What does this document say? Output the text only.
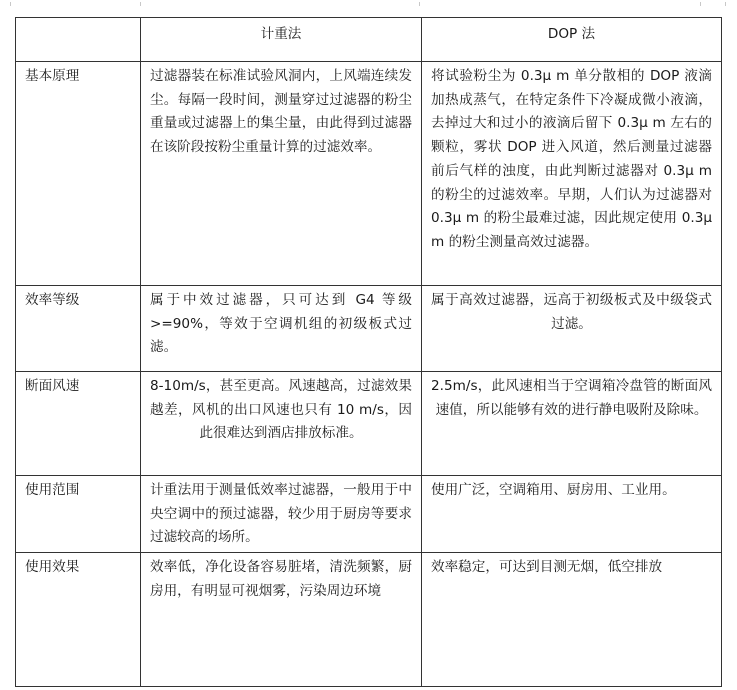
	计重法	DOP 法
基本原理	过滤器装在标准试验风洞内，上风端连续发尘。每隔一段时间，测量穿过过滤器的粉尘重量或过滤器上的集尘量，由此得到过滤器在该阶段按粉尘重量计算的过滤效率。	将试验粉尘为 0.3μ m 单分散相的 DOP 液滴加热成蒸气，在特定条件下冷凝成微小液滴，去掉过大和过小的液滴后留下 0.3μ m 左右的颗粒，雾状 DOP 进入风道，然后测量过滤器前后气样的浊度，由此判断过滤器对 0.3μ m 的粉尘的过滤效率。早期，人们认为过滤器对 0.3μ m 的粉尘最难过滤，因此规定使用 0.3μ m 的粉尘测量高效过滤器。
效率等级	属于中效过滤器，只可达到 G4 等级>=90%，等效于空调机组的初级板式过滤。	属于高效过滤器，远高于初级板式及中级袋式过滤。
断面风速	8-10m/s，甚至更高。风速越高，过滤效果越差，风机的出口风速也只有 10 m/s，因此很难达到酒店排放标准。	2.5m/s，此风速相当于空调箱冷盘管的断面风速值，所以能够有效的进行静电吸附及除味。
使用范围	计重法用于测量低效率过滤器，一般用于中央空调中的预过滤器，较少用于厨房等要求过滤较高的场所。	使用广泛，空调箱用、厨房用、工业用。
使用效果	效率低，净化设备容易脏堵，清洗频繁，厨房用，有明显可视烟雾，污染周边环境	效率稳定，可达到目测无烟，低空排放
